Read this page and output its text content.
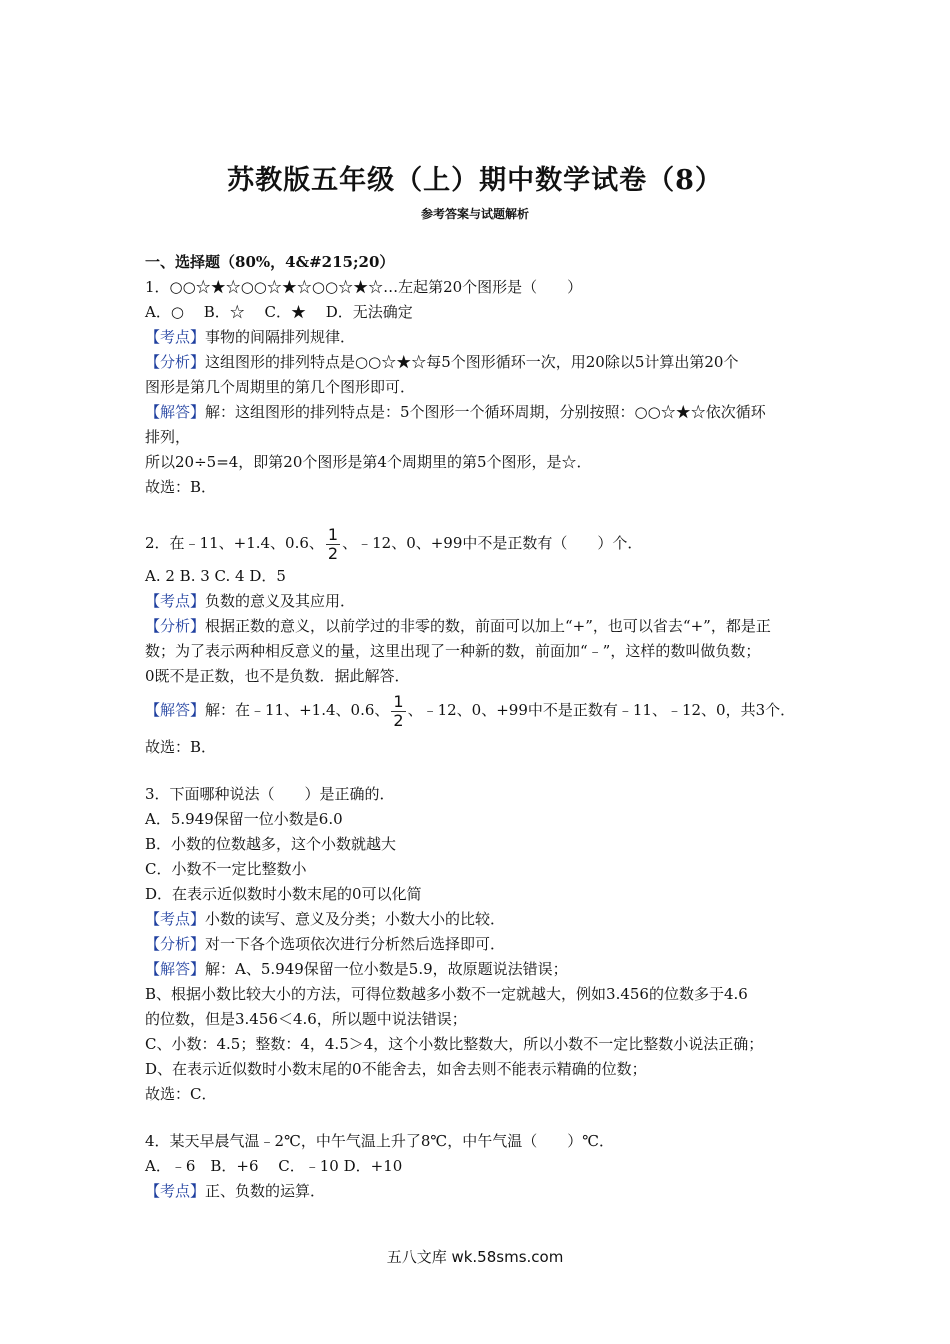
苏教版五年级（上）期中数学试卷（8）
参考答案与试题解析
一、选择题（80%，4&#215;20）
1．○○☆★☆○○☆★☆○○☆★☆…左起第20个图形是（　　）
A．○　 B．☆　 C．★　 D．无法确定
【考点】事物的间隔排列规律．
【分析】这组图形的排列特点是○○☆★☆每5个图形循环一次，用20除以5计算出第20个
图形是第几个周期里的第几个图形即可．
【解答】解：这组图形的排列特点是：5个图形一个循环周期，分别按照：○○☆★☆依次循环
排列，
所以20÷5=4，即第20个图形是第4个周期里的第5个图形，是☆．
故选：B．
2．在﹣11、+1.4、0.6、 $\frac{1}{2}$ 、﹣12、0、+99中不是正数有（　　）个．
A. 2 B. 3 C. 4 D．5
【考点】负数的意义及其应用．
【分析】根据正数的意义，以前学过的非零的数，前面可以加上“+”，也可以省去“+”，都是正
数；为了表示两种相反意义的量，这里出现了一种新的数，前面加“﹣”，这样的数叫做负数；
0既不是正数，也不是负数．据此解答．
【解答】解：在﹣11、+1.4、0.6、 $\frac{1}{2}$ 、﹣12、0、+99中不是正数有﹣11、﹣12、0，共3个．
故选：B．
3．下面哪种说法（　　）是正确的．
A．5.949保留一位小数是6.0
B．小数的位数越多，这个小数就越大
C．小数不一定比整数小
D．在表示近似数时小数末尾的0可以化简
【考点】小数的读写、意义及分类；小数大小的比较．
【分析】对一下各个选项依次进行分析然后选择即可．
【解答】解：A、5.949保留一位小数是5.9，故原题说法错误；
B、根据小数比较大小的方法，可得位数越多小数不一定就越大，例如3.456的位数多于4.6
的位数，但是3.456＜4.6，所以题中说法错误；
C、小数：4.5；整数：4，4.5＞4，这个小数比整数大，所以小数不一定比整数小说法正确；
D、在表示近似数时小数末尾的0不能舍去，如舍去则不能表示精确的位数；
故选：C．
4．某天早晨气温﹣2℃，中午气温上升了8℃，中午气温（　　）℃．
A．﹣6　B．+6　 C．﹣10 D．+10
【考点】正、负数的运算．
五八文库 wk.58sms.com
